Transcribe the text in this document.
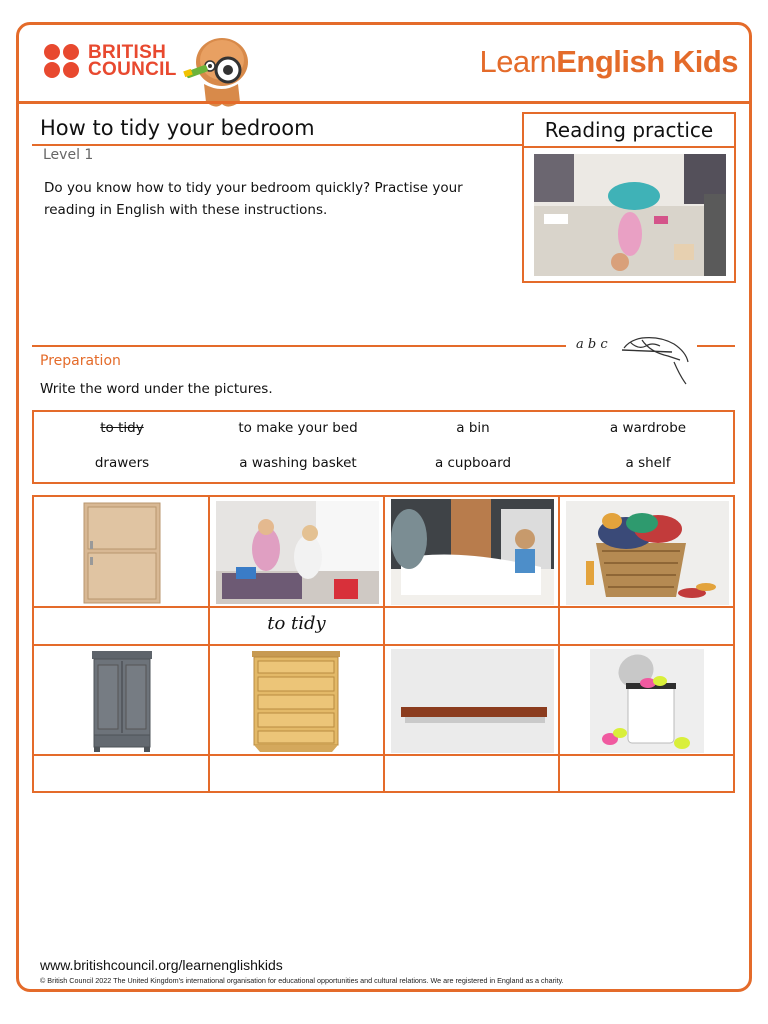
BRITISH
COUNCIL	LearnEnglish Kids
How to tidy your bedroom	Reading practice
Level 1
Do you know how to tidy your bedroom quickly? Practise your reading in English with these instructions.
a b c
Preparation
Write the word under the pictures.
to tidy	to make your bed	a bin	a wardrobe
drawers	a washing basket	a cupboard	a shelf
to tidy
www.britishcouncil.org/learnenglishkids
© British Council 2022 The United Kingdom's international organisation for educational opportunities and cultural relations. We are registered in England as a charity.
